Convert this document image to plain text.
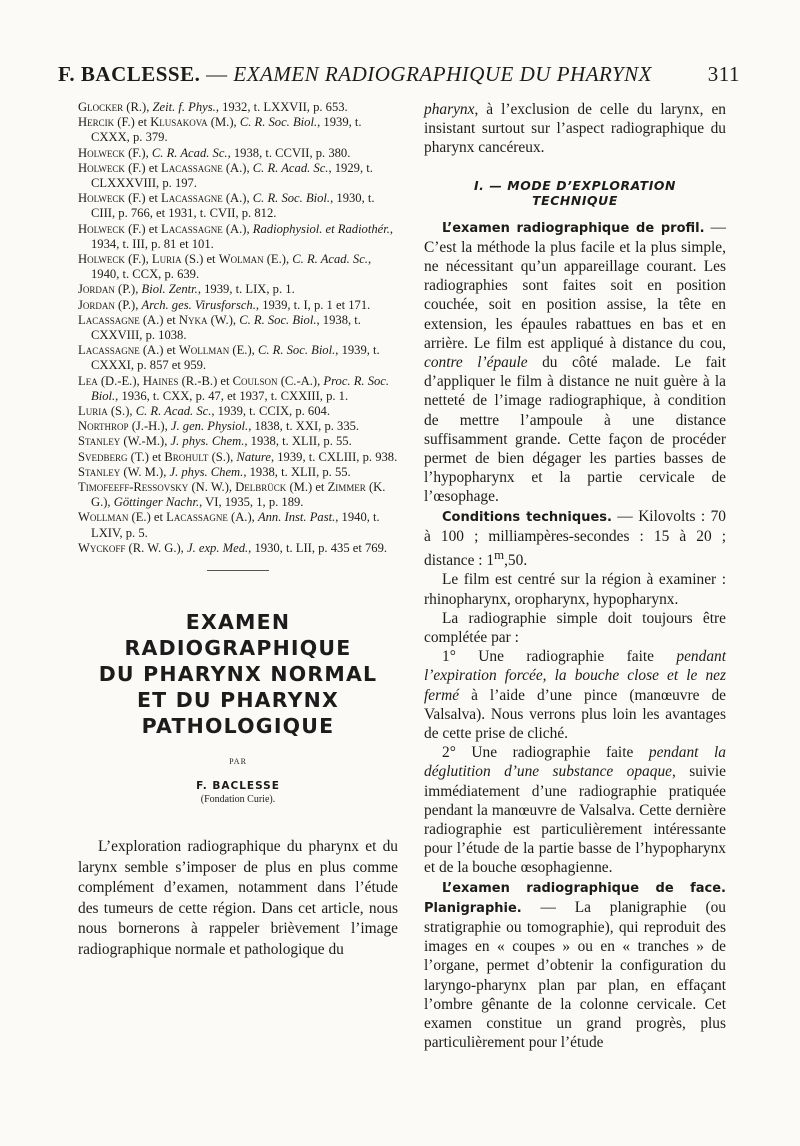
F. BACLESSE. — EXAMEN RADIOGRAPHIQUE DU PHARYNX	311
Glocker (R.), Zeit. f. Phys., 1932, t. LXXVII, p. 653.
Hercik (F.) et Klusakova (M.), C. R. Soc. Biol., 1939, t. CXXX, p. 379.
Holweck (F.), C. R. Acad. Sc., 1938, t. CCVII, p. 380.
Holweck (F.) et Lacassagne (A.), C. R. Acad. Sc., 1929, t. CLXXXVIII, p. 197.
Holweck (F.) et Lacassagne (A.), C. R. Soc. Biol., 1930, t. CIII, p. 766, et 1931, t. CVII, p. 812.
Holweck (F.) et Lacassagne (A.), Radiophysiol. et Radiothér., 1934, t. III, p. 81 et 101.
Holweck (F.), Luria (S.) et Wolman (E.), C. R. Acad. Sc., 1940, t. CCX, p. 639.
Jordan (P.), Biol. Zentr., 1939, t. LIX, p. 1.
Jordan (P.), Arch. ges. Virusforsch., 1939, t. I, p. 1 et 171.
Lacassagne (A.) et Nyka (W.), C. R. Soc. Biol., 1938, t. CXXVIII, p. 1038.
Lacassagne (A.) et Wollman (E.), C. R. Soc. Biol., 1939, t. CXXXI, p. 857 et 959.
Lea (D.-E.), Haines (R.-B.) et Coulson (C.-A.), Proc. R. Soc. Biol., 1936, t. CXX, p. 47, et 1937, t. CXXIII, p. 1.
Luria (S.), C. R. Acad. Sc., 1939, t. CCIX, p. 604.
Northrop (J.-H.), J. gen. Physiol., 1838, t. XXI, p. 335.
Stanley (W.-M.), J. phys. Chem., 1938, t. XLII, p. 55.
Svedberg (T.) et Brohult (S.), Nature, 1939, t. CXLIII, p. 938.
Stanley (W. M.), J. phys. Chem., 1938, t. XLII, p. 55.
Timofeeff-Ressovsky (N. W.), Delbrück (M.) et Zimmer (K. G.), Göttinger Nachr., VI, 1935, 1, p. 189.
Wollman (E.) et Lacassagne (A.), Ann. Inst. Past., 1940, t. LXIV, p. 5.
Wyckoff (R. W. G.), J. exp. Med., 1930, t. LII, p. 435 et 769.
EXAMEN
RADIOGRAPHIQUE
DU PHARYNX NORMAL
ET DU PHARYNX
PATHOLOGIQUE
PAR
F. BACLESSE
(Fondation Curie).

L’exploration radiographique du pharynx et du larynx semble s’imposer de plus en plus comme complément d’examen, notamment dans l’étude des tumeurs de cette région. Dans cet article, nous nous bornerons à rappeler brièvement l’image radiographique normale et pathologique du

pharynx, à l’exclusion de celle du larynx, en insistant surtout sur l’aspect radiographique du pharynx cancéreux.

I. — MODE D’EXPLORATION
TECHNIQUE

L’examen radiographique de profil. — C’est la méthode la plus facile et la plus simple, ne nécessitant qu’un appareillage courant. Les radiographies sont faites soit en position couchée, soit en position assise, la tête en extension, les épaules rabattues en bas et en arrière. Le film est appliqué à distance du cou, contre l’épaule du côté malade. Le fait d’appliquer le film à distance ne nuit guère à la netteté de l’image radiographique, à condition de mettre l’ampoule à une distance suffisamment grande. Cette façon de procéder permet de bien dégager les parties basses de l’hypopharynx et la partie cervicale de l’œsophage.

Conditions techniques. — Kilovolts : 70 à 100 ; milliampères-secondes : 15 à 20 ; distance : 1$^m$,50.

Le film est centré sur la région à examiner : rhinopharynx, oropharynx, hypopharynx.

La radiographie simple doit toujours être complétée par :

1° Une radiographie faite pendant l’expiration forcée, la bouche close et le nez fermé à l’aide d’une pince (manœuvre de Valsalva). Nous verrons plus loin les avantages de cette prise de cliché.

2° Une radiographie faite pendant la déglutition d’une substance opaque, suivie immédiatement d’une radiographie pratiquée pendant la manœuvre de Valsalva. Cette dernière radiographie est particulièrement intéressante pour l’étude de la partie basse de l’hypopharynx et de la bouche œsophagienne.

L’examen radiographique de face. Planigraphie. — La planigraphie (ou stratigraphie ou tomographie), qui reproduit des images en « coupes » ou en « tranches » de l’organe, permet d’obtenir la configuration du laryngo-pharynx plan par plan, en effaçant l’ombre gênante de la colonne cervicale. Cet examen constitue un grand progrès, plus particulièrement pour l’étude
